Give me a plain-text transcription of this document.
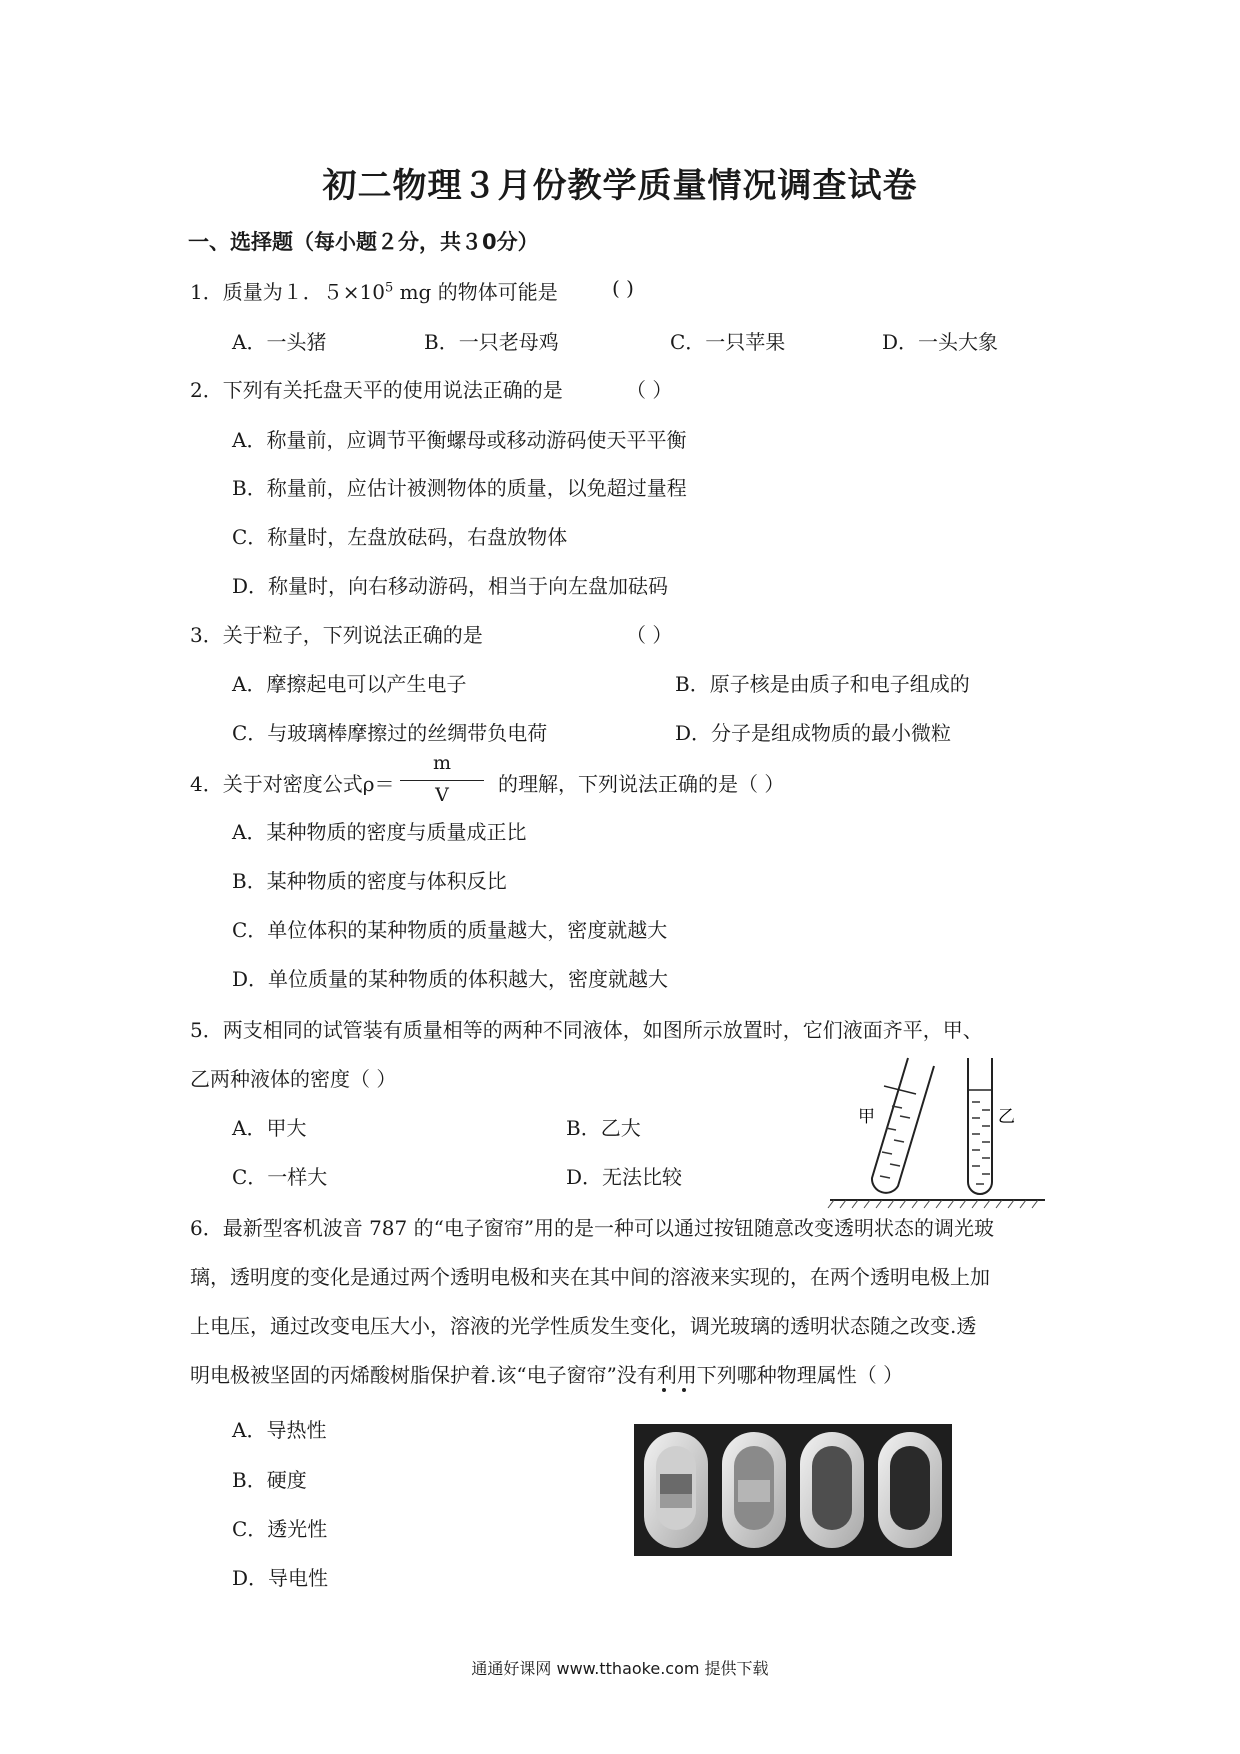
初二物理３月份教学质量情况调查试卷
一、选择题（每小题２分，共３0分）
1．质量为１．$5\times 10^5$ mg 的物体可能是	( )
A．一头猪	B．一只老母鸡	C．一只苹果	D．一头大象
2．下列有关托盘天平的使用说法正确的是	（ ）
A．称量前，应调节平衡螺母或移动游码使天平平衡
B．称量前，应估计被测物体的质量，以免超过量程
C．称量时，左盘放砝码，右盘放物体
D．称量时，向右移动游码，相当于向左盘加砝码
3．关于粒子，下列说法正确的是	（ ）
A．摩擦起电可以产生电子	B．原子核是由质子和电子组成的
C．与玻璃棒摩擦过的丝绸带负电荷	D．分子是组成物质的最小微粒
4．关于对密度公式ρ＝
m
V	的理解，下列说法正确的是（ ）
A．某种物质的密度与质量成正比
B．某种物质的密度与体积反比
C．单位体积的某种物质的质量越大，密度就越大
D．单位质量的某种物质的体积越大，密度就越大
5．两支相同的试管装有质量相等的两种不同液体，如图所示放置时，它们液面齐平，甲、
乙两种液体的密度（ ）
A．甲大	B．乙大
C．一样大	D．无法比较
甲	乙
6．最新型客机波音 787 的“电子窗帘”用的是一种可以通过按钮随意改变透明状态的调光玻
璃，透明度的变化是通过两个透明电极和夹在其中间的溶液来实现的，在两个透明电极上加
上电压，通过改变电压大小，溶液的光学性质发生变化，调光玻璃的透明状态随之改变.透
明电极被坚固的丙烯酸树脂保护着.该“电子窗帘”没有利用下列哪种物理属性（ ）
A．导热性
B．硬度
C．透光性
D．导电性
通通好课网 www.tthaoke.com 提供下载
